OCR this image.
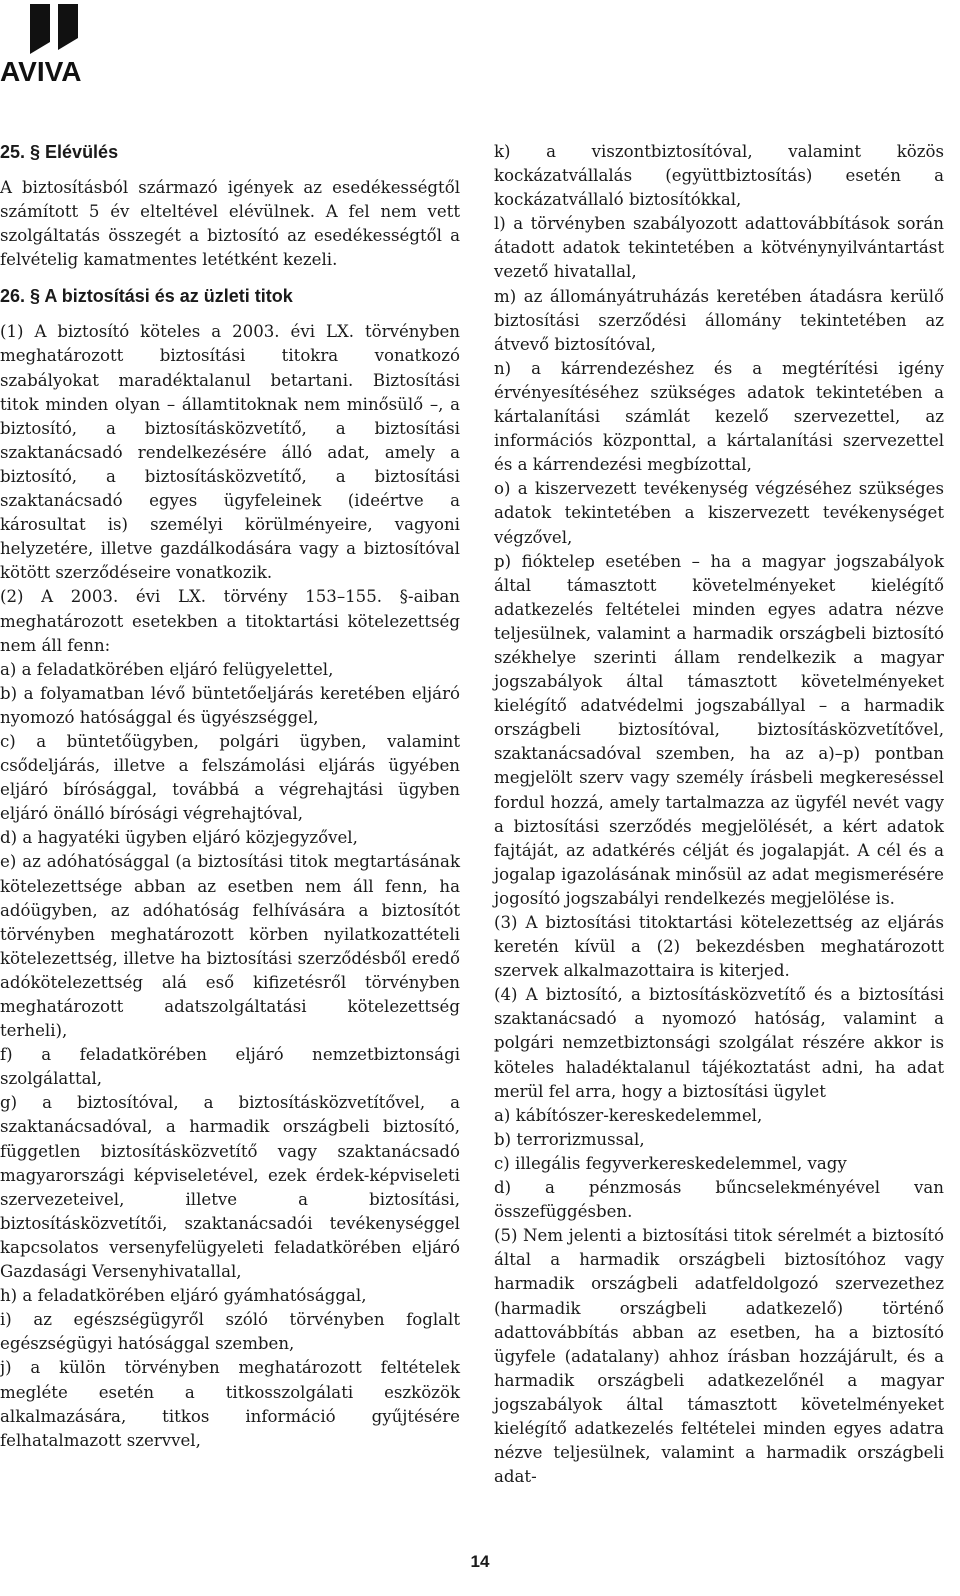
AVIVA
25. § Elévülés

A biztosításból származó igények az esedékességtől számított 5 év elteltével elévülnek. A fel nem vett szolgáltatás összegét a biztosító az esedékességtől a felvételig kamatmentes letétként kezeli.

26. § A biztosítási és az üzleti titok

(1) A biztosító köteles a 2003. évi LX. törvényben meghatározott biztosítási titokra vonatkozó szabályokat maradéktalanul betartani. Biztosítási titok minden olyan – államtitoknak nem minősülő –, a biztosító, a biztosításközvetítő, a biztosítási szaktanácsadó rendelkezésére álló adat, amely a biztosító, a biztosításközvetítő, a biztosítási szaktanácsadó egyes ügyfeleinek (ideértve a károsultat is) személyi körülményeire, vagyoni helyzetére, illetve gazdálkodására vagy a biztosítóval kötött szerződéseire vonatkozik.

(2) A 2003. évi LX. törvény 153–155. §-aiban meghatározott esetekben a titoktartási kötelezettség nem áll fenn:

a) a feladatkörében eljáró felügyelettel,

b) a folyamatban lévő büntetőeljárás keretében eljáró nyomozó hatósággal és ügyészséggel,

c) a büntetőügyben, polgári ügyben, valamint csődeljárás, illetve a felszámolási eljárás ügyében eljáró bírósággal, továbbá a végrehajtási ügyben eljáró önálló bírósági végrehajtóval,

d) a hagyatéki ügyben eljáró közjegyzővel,

e) az adóhatósággal (a biztosítási titok megtartásának kötelezettsége abban az esetben nem áll fenn, ha adóügyben, az adóhatóság felhívására a biztosítót törvényben meghatározott körben nyilatkozattételi kötelezettség, illetve ha biztosítási szerződésből eredő adókötelezettség alá eső kifizetésről törvényben meghatározott adatszolgáltatási kötelezettség terheli),

f) a feladatkörében eljáró nemzetbiztonsági szolgálattal,

g) a biztosítóval, a biztosításközvetítővel, a szaktanácsadóval, a harmadik országbeli biztosító, független biztosításközvetítő vagy szaktanácsadó magyarországi képviseletével, ezek érdek-képviseleti szervezeteivel, illetve a biztosítási, biztosításközvetítői, szaktanácsadói tevékenységgel kapcsolatos versenyfelügyeleti feladatkörében eljáró Gazdasági Versenyhivatallal,

h) a feladatkörében eljáró gyámhatósággal,

i) az egészségügyről szóló törvényben foglalt egészségügyi hatósággal szemben,

j) a külön törvényben meghatározott feltételek megléte esetén a titkosszolgálati eszközök alkalmazására, titkos információ gyűjtésére felhatalmazott szervvel,

k) a viszontbiztosítóval, valamint közös kockázatvállalás (együttbiztosítás) esetén a kockázatvállaló biztosítókkal,

l) a törvényben szabályozott adattovábbítások során átadott adatok tekintetében a kötvénynyilvántartást vezető hivatallal,

m) az állományátruházás keretében átadásra kerülő biztosítási szerződési állomány tekintetében az átvevő biztosítóval,

n) a kárrendezéshez és a megtérítési igény érvényesítéséhez szükséges adatok tekintetében a kártalanítási számlát kezelő szervezettel, az információs központtal, a kártalanítási szervezettel és a kárrendezési megbízottal,

o) a kiszervezett tevékenység végzéséhez szükséges adatok tekintetében a kiszervezett tevékenységet végzővel,

p) fióktelep esetében – ha a magyar jogszabályok által támasztott követelményeket kielégítő adatkezelés feltételei minden egyes adatra nézve teljesülnek, valamint a harmadik országbeli biztosító székhelye szerinti állam rendelkezik a magyar jogszabályok által támasztott követelményeket kielégítő adatvédelmi jogszabállyal – a harmadik országbeli biztosítóval, biztosításközvetítővel, szaktanácsadóval szemben, ha az a)–p) pontban megjelölt szerv vagy személy írásbeli megkereséssel fordul hozzá, amely tartalmazza az ügyfél nevét vagy a biztosítási szerződés megjelölését, a kért adatok fajtáját, az adatkérés célját és jogalapját. A cél és a jogalap igazolásának minősül az adat megismerésére jogosító jogszabályi rendelkezés megjelölése is.

(3) A biztosítási titoktartási kötelezettség az eljárás keretén kívül a (2) bekezdésben meghatározott szervek alkalmazottaira is kiterjed.

(4) A biztosító, a biztosításközvetítő és a biztosítási szaktanácsadó a nyomozó hatóság, valamint a polgári nemzetbiztonsági szolgálat részére akkor is köteles haladéktalanul tájékoztatást adni, ha adat merül fel arra, hogy a biztosítási ügylet

a) kábítószer-kereskedelemmel,

b) terrorizmussal,

c) illegális fegyverkereskedelemmel, vagy

d) a pénzmosás bűncselekményével van összefüggésben.

(5) Nem jelenti a biztosítási titok sérelmét a biztosító által a harmadik országbeli biztosítóhoz vagy harmadik országbeli adatfeldolgozó szervezethez (harmadik országbeli adatkezelő) történő adattovábbítás abban az esetben, ha a biztosító ügyfele (adatalany) ahhoz írásban hozzájárult, és a harmadik országbeli adatkezelőnél a magyar jogszabályok által támasztott követelményeket kielégítő adatkezelés feltételei minden egyes adatra nézve teljesülnek, valamint a harmadik országbeli adat-

14
